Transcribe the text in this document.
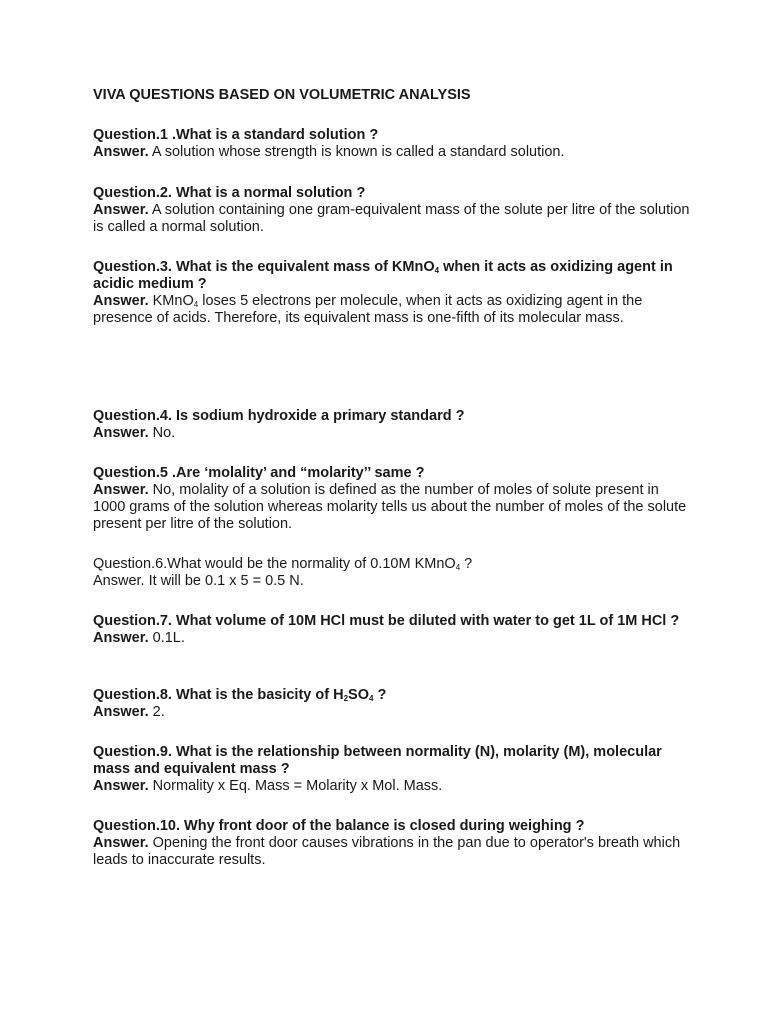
VIVA QUESTIONS BASED ON VOLUMETRIC ANALYSIS

Question.1 .What is a standard solution ?

Answer. A solution whose strength is known is called a standard solution.

Question.2. What is a normal solution ?

Answer. A solution containing one gram-equivalent mass of the solute per litre of the solution is called a normal solution.

Question.3. What is the equivalent mass of KMnO$_4$ when it acts as oxidizing agent in acidic medium ?

Answer. KMnO$_4$ loses 5 electrons per molecule, when it acts as oxidizing agent in the presence of acids. Therefore, its equivalent mass is one-fifth of its molecular mass.

Question.4. Is sodium hydroxide a primary standard ?

Answer. No.

Question.5 .Are ‘molality’ and “molarity’’ same ?

Answer. No, molality of a solution is defined as the number of moles of solute present in 1000 grams of the solution whereas molarity tells us about the number of moles of the solute present per litre of the solution.

Question.6.What would be the normality of 0.10M KMnO$_4$ ?

Answer. It will be 0.1 x 5 = 0.5 N.

Question.7. What volume of 10M HCl must be diluted with water to get 1L of 1M HCl ?

Answer. 0.1L.

Question.8. What is the basicity of $H_2SO_4$ ?

Answer. 2.

Question.9. What is the relationship between normality (N), molarity (M), molecular mass and equivalent mass ?

Answer. Normality x Eq. Mass = Molarity x Mol. Mass.

Question.10. Why front door of the balance is closed during weighing ?

Answer. Opening the front door causes vibrations in the pan due to operator's breath which leads to inaccurate results.
